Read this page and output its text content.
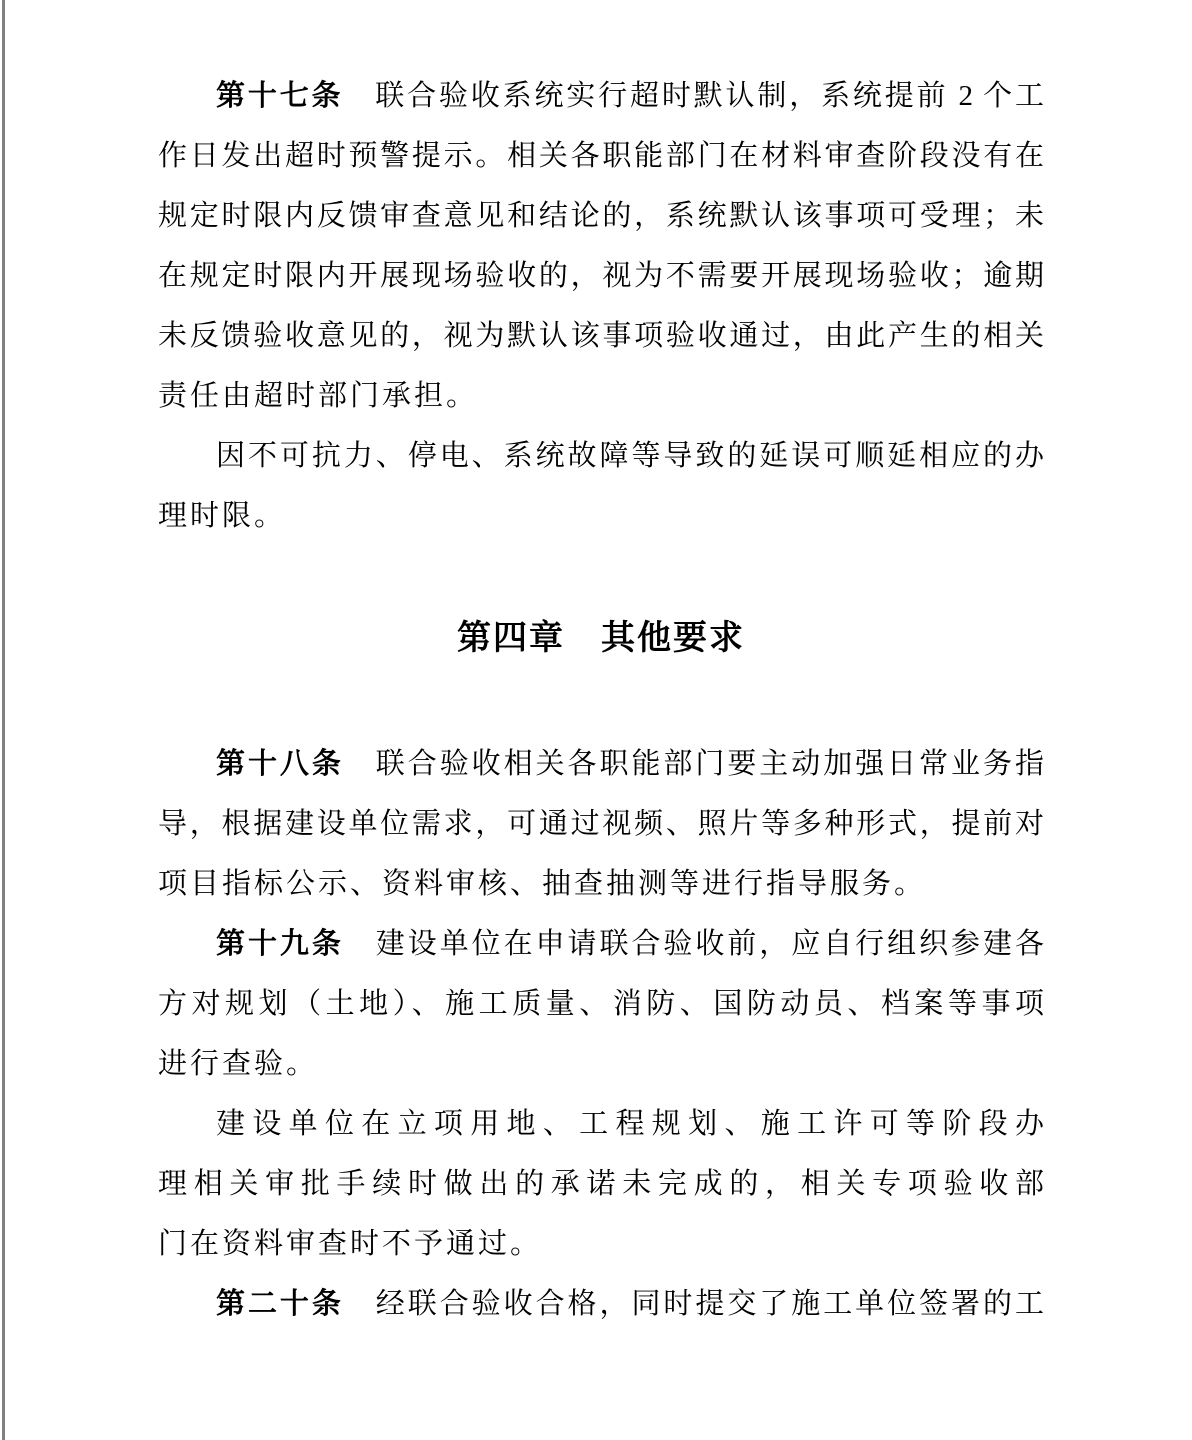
第十七条　联合验收系统实行超时默认制，系统提前 2 个工
作日发出超时预警提示。相关各职能部门在材料审查阶段没有在
规定时限内反馈审查意见和结论的，系统默认该事项可受理；未
在规定时限内开展现场验收的，视为不需要开展现场验收；逾期
未反馈验收意见的，视为默认该事项验收通过，由此产生的相关
责任由超时部门承担。
因不可抗力、停电、系统故障等导致的延误可顺延相应的办
理时限。
第四章　其他要求
第十八条　联合验收相关各职能部门要主动加强日常业务指
导，根据建设单位需求，可通过视频、照片等多种形式，提前对
项目指标公示、资料审核、抽查抽测等进行指导服务。
第十九条　建设单位在申请联合验收前，应自行组织参建各
方对规划（土地）、施工质量、消防、国防动员、档案等事项
进行查验。
建设单位在立项用地、工程规划、施工许可等阶段办
理相关审批手续时做出的承诺未完成的，相关专项验收部
门在资料审查时不予通过。
第二十条　经联合验收合格，同时提交了施工单位签署的工
